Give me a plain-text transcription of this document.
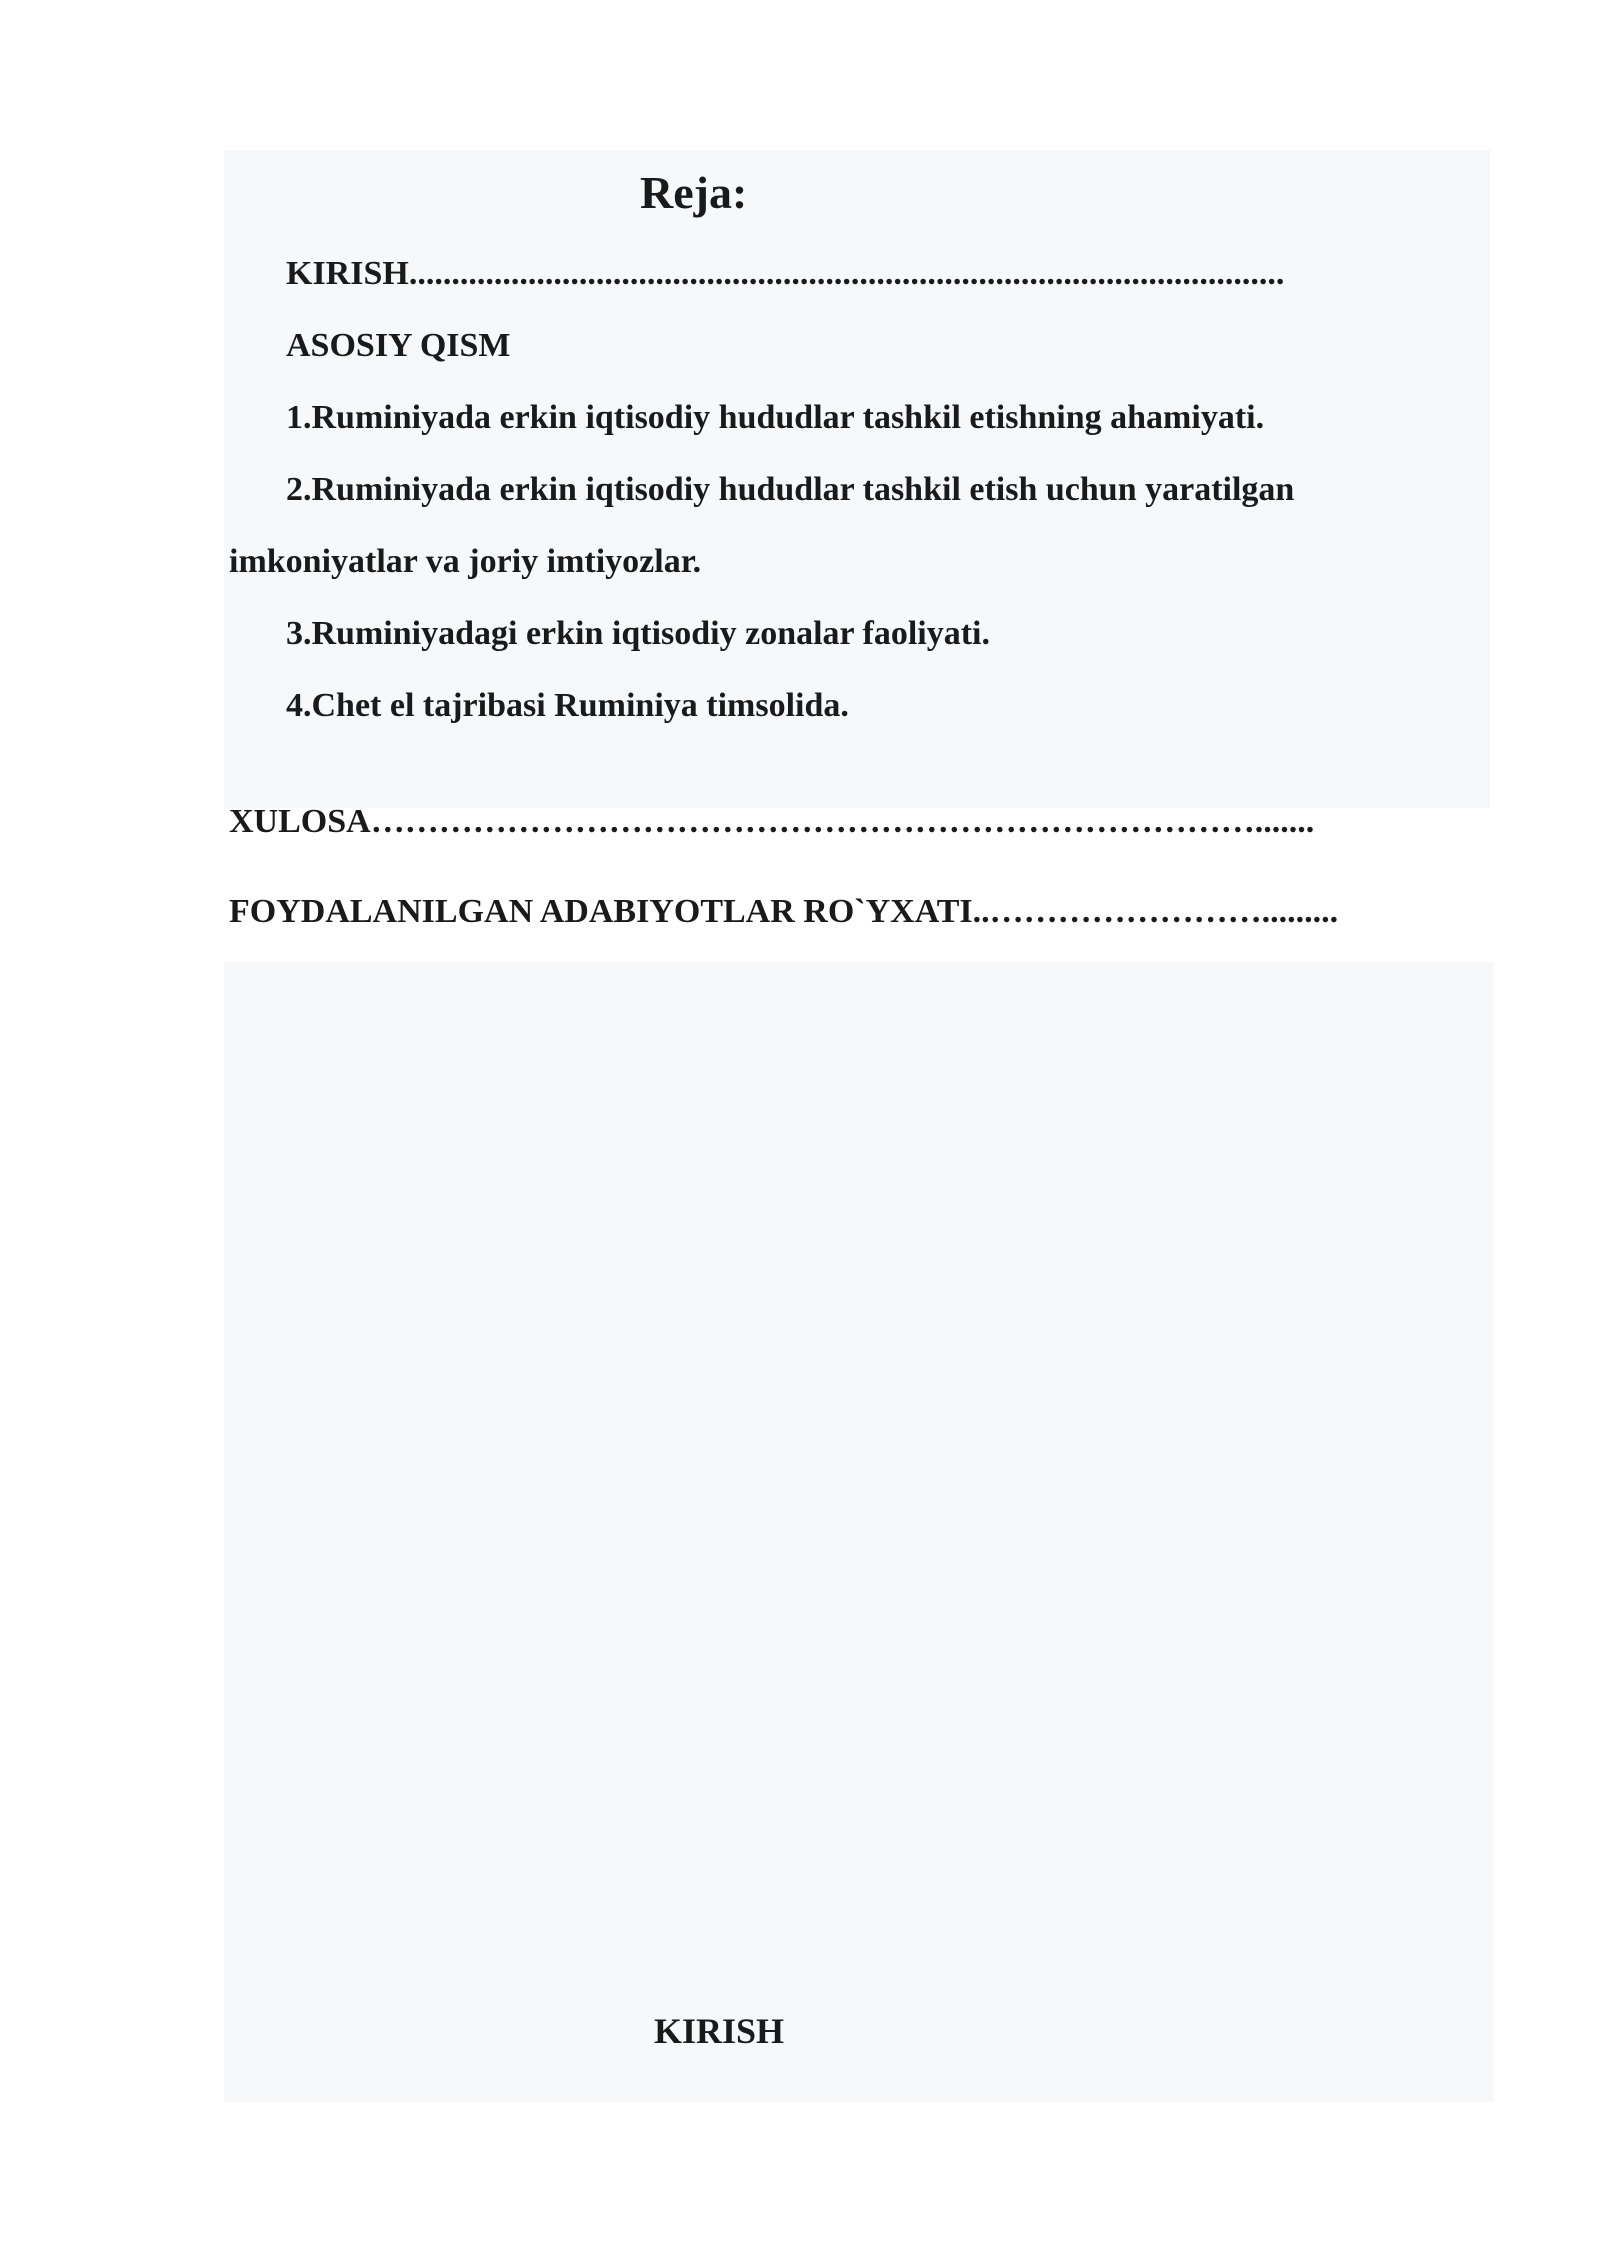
Reja:
KIRISH.......................................................................................................
ASOSIY QISM
1.Ruminiyada erkin iqtisodiy hududlar tashkil etishning ahamiyati.
2.Ruminiyada erkin iqtisodiy hududlar tashkil etish uchun yaratilgan
imkoniyatlar va joriy imtiyozlar.
3.Ruminiyadagi erkin iqtisodiy zonalar faoliyati.
4.Chet el tajribasi Ruminiya timsolida.
XULOSA…………………………………………………………………….......
FOYDALANILGAN ADABIYOTLAR RO`YXATI..…………………….........
KIRISH
